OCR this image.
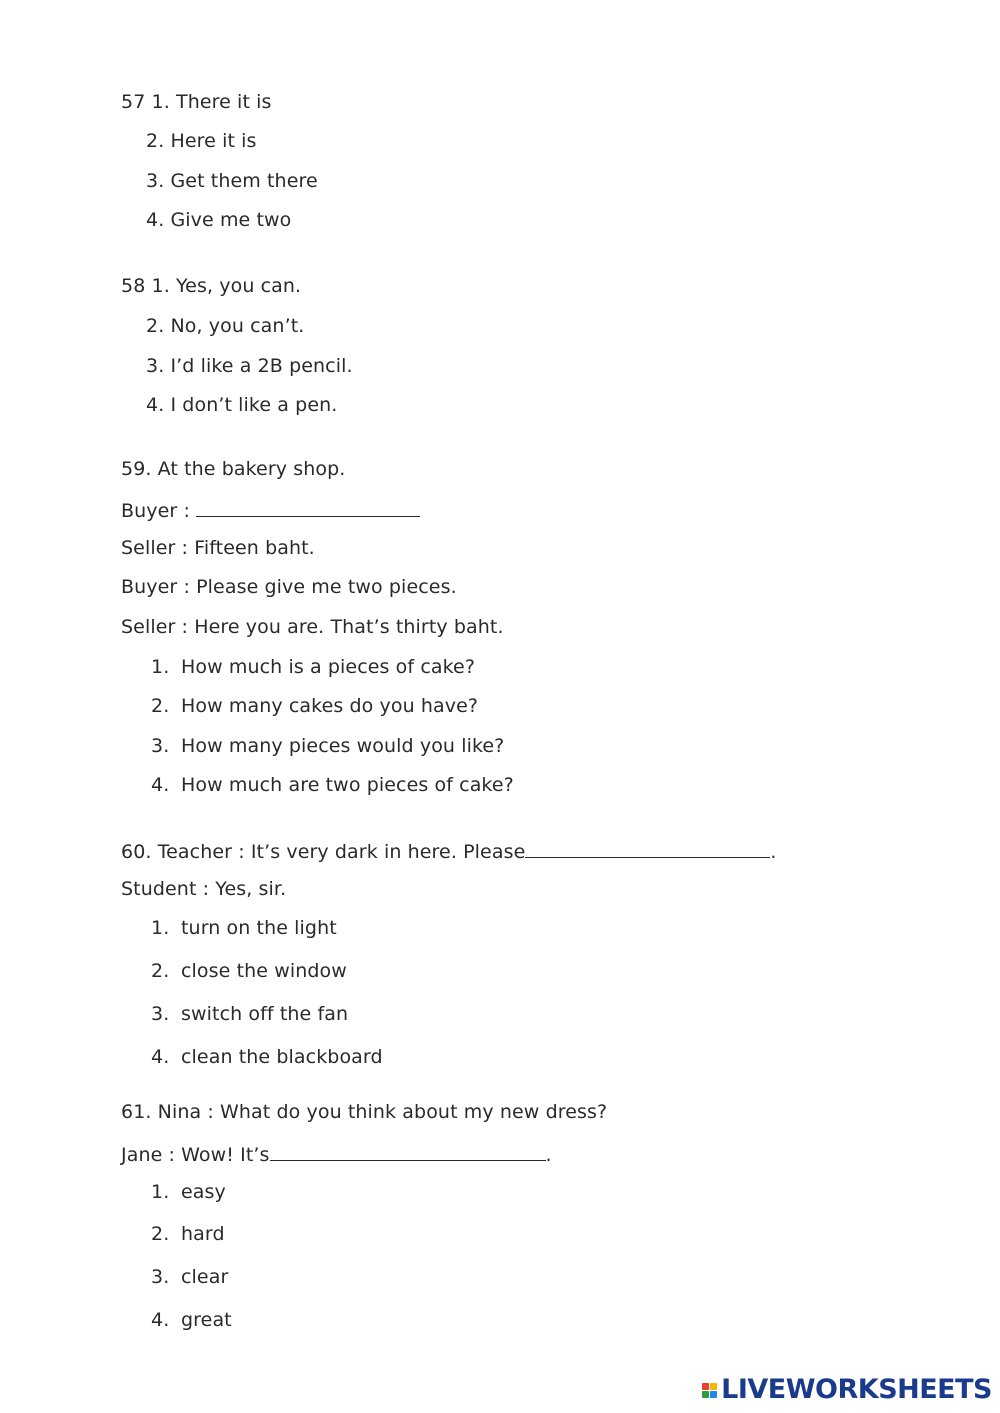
57 1. There it is
2. Here it is
3. Get them there
4. Give me two
58 1. Yes, you can.
2. No, you can’t.
3. I’d like a 2B pencil.
4. I don’t like a pen.
59. At the bakery shop.
Buyer :
Seller : Fifteen baht.
Buyer : Please give me two pieces.
Seller : Here you are. That’s thirty baht.
1. How much is a pieces of cake?
2. How many cakes do you have?
3. How many pieces would you like?
4. How much are two pieces of cake?
60. Teacher : It’s very dark in here. Please	.
Student : Yes, sir.
1. turn on the light
2. close the window
3. switch off the fan
4. clean the blackboard
61. Nina : What do you think about my new dress?
Jane : Wow! It’s	.
1. easy
2. hard
3. clear
4. great
LIVEWORKSHEETS
